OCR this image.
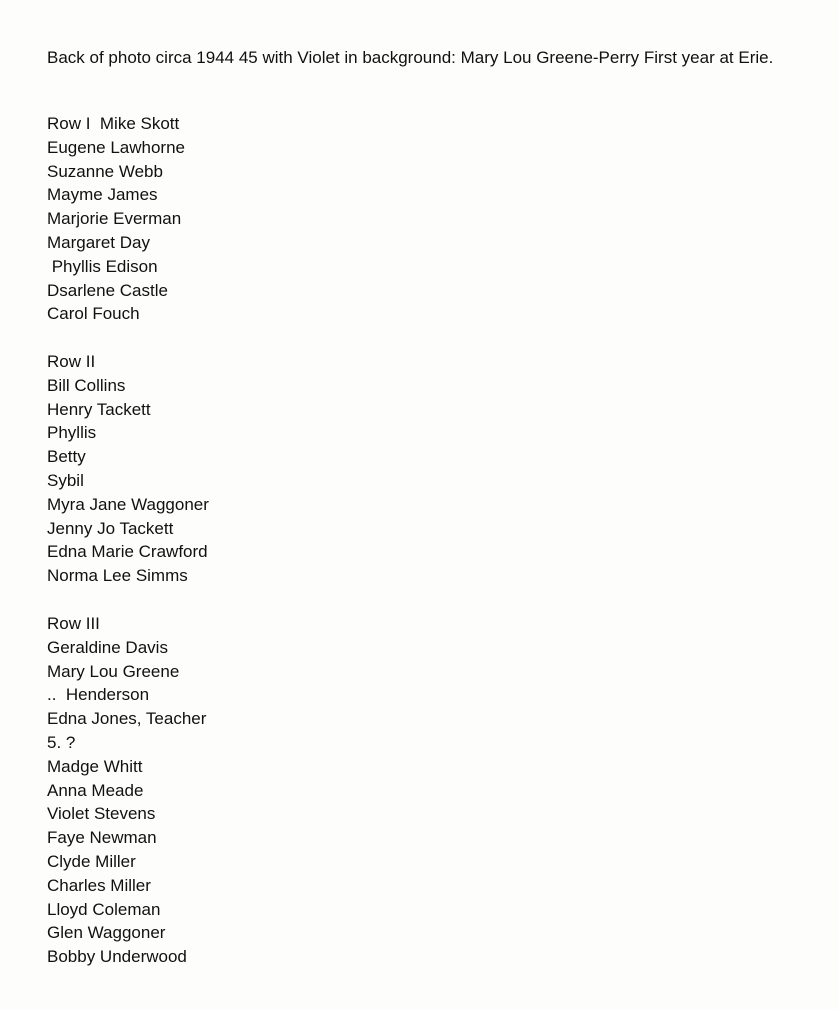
Back of photo circa 1944 45 with Violet in background: Mary Lou Greene-Perry First year at Erie.

Row I  Mike Skott
Eugene Lawhorne
Suzanne Webb
Mayme James
Marjorie Everman
Margaret Day
Phyllis Edison
Dsarlene Castle
Carol Fouch
Row II
Bill Collins
Henry Tackett
Phyllis
Betty
Sybil
Myra Jane Waggoner
Jenny Jo Tackett
Edna Marie Crawford
Norma Lee Simms
Row III
Geraldine Davis
Mary Lou Greene
..  Henderson
Edna Jones, Teacher
5. ?
Madge Whitt
Anna Meade
Violet Stevens
Faye Newman
Clyde Miller
Charles Miller
Lloyd Coleman
Glen Waggoner
Bobby Underwood
